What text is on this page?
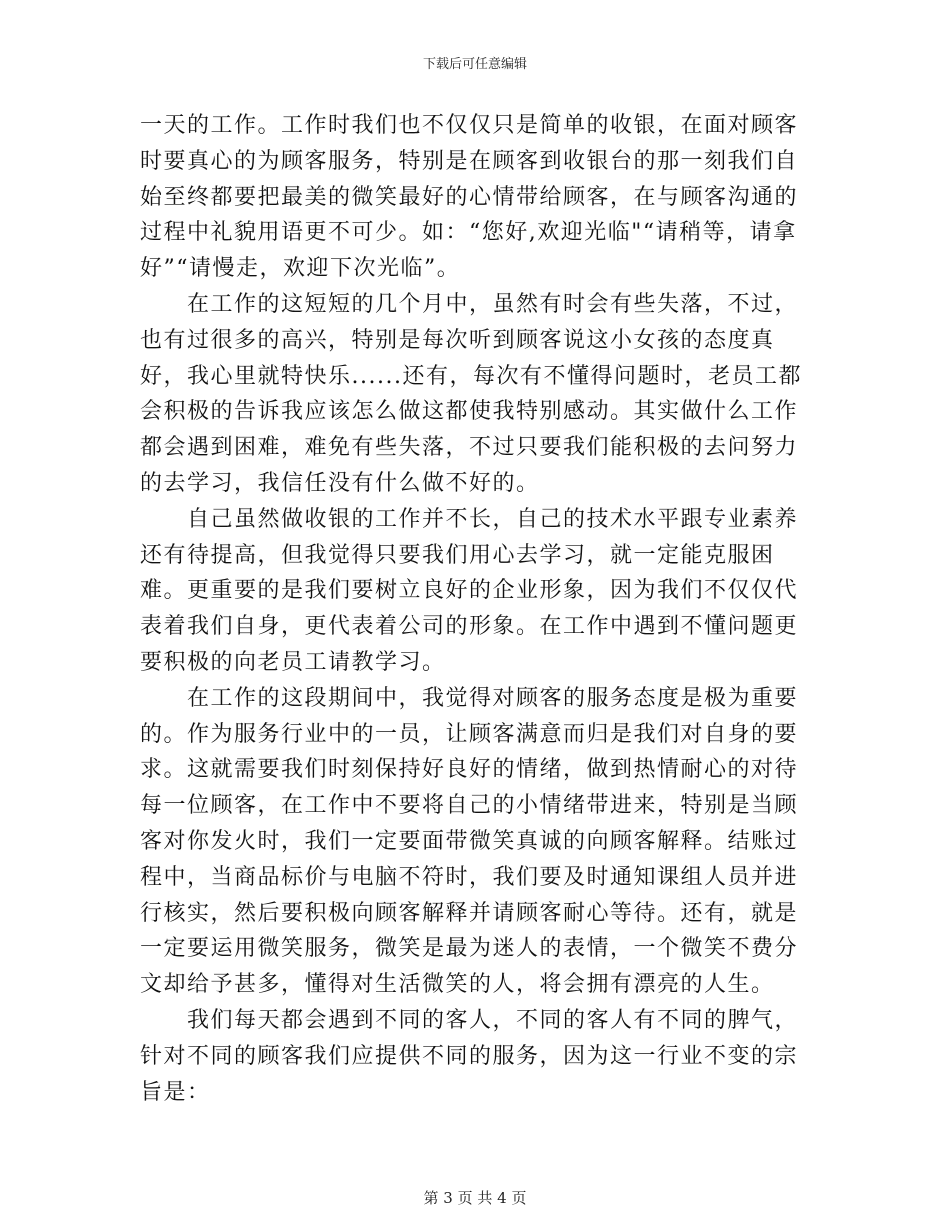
下载后可任意编辑

一天的工作。工作时我们也不仅仅只是简单的收银，在面对顾客时要真心的为顾客服务，特别是在顾客到收银台的那一刻我们自始至终都要把最美的微笑最好的心情带给顾客，在与顾客沟通的过程中礼貌用语更不可少。如：“您好,欢迎光临"“请稍等，请拿好”“请慢走，欢迎下次光临”。

在工作的这短短的几个月中，虽然有时会有些失落，不过，也有过很多的高兴，特别是每次听到顾客说这小女孩的态度真好，我心里就特快乐......还有，每次有不懂得问题时，老员工都会积极的告诉我应该怎么做这都使我特别感动。其实做什么工作都会遇到困难，难免有些失落，不过只要我们能积极的去问努力的去学习，我信任没有什么做不好的。

自己虽然做收银的工作并不长，自己的技术水平跟专业素养还有待提高，但我觉得只要我们用心去学习，就一定能克服困难。更重要的是我们要树立良好的企业形象，因为我们不仅仅代表着我们自身，更代表着公司的形象。在工作中遇到不懂问题更要积极的向老员工请教学习。

在工作的这段期间中，我觉得对顾客的服务态度是极为重要的。作为服务行业中的一员，让顾客满意而归是我们对自身的要求。这就需要我们时刻保持好良好的情绪，做到热情耐心的对待每一位顾客，在工作中不要将自己的小情绪带进来，特别是当顾客对你发火时，我们一定要面带微笑真诚的向顾客解释。结账过程中，当商品标价与电脑不符时，我们要及时通知课组人员并进行核实，然后要积极向顾客解释并请顾客耐心等待。还有，就是一定要运用微笑服务，微笑是最为迷人的表情，一个微笑不费分文却给予甚多，懂得对生活微笑的人，将会拥有漂亮的人生。

我们每天都会遇到不同的客人，不同的客人有不同的脾气，针对不同的顾客我们应提供不同的服务，因为这一行业不变的宗旨是：

第 3 页 共 4 页
